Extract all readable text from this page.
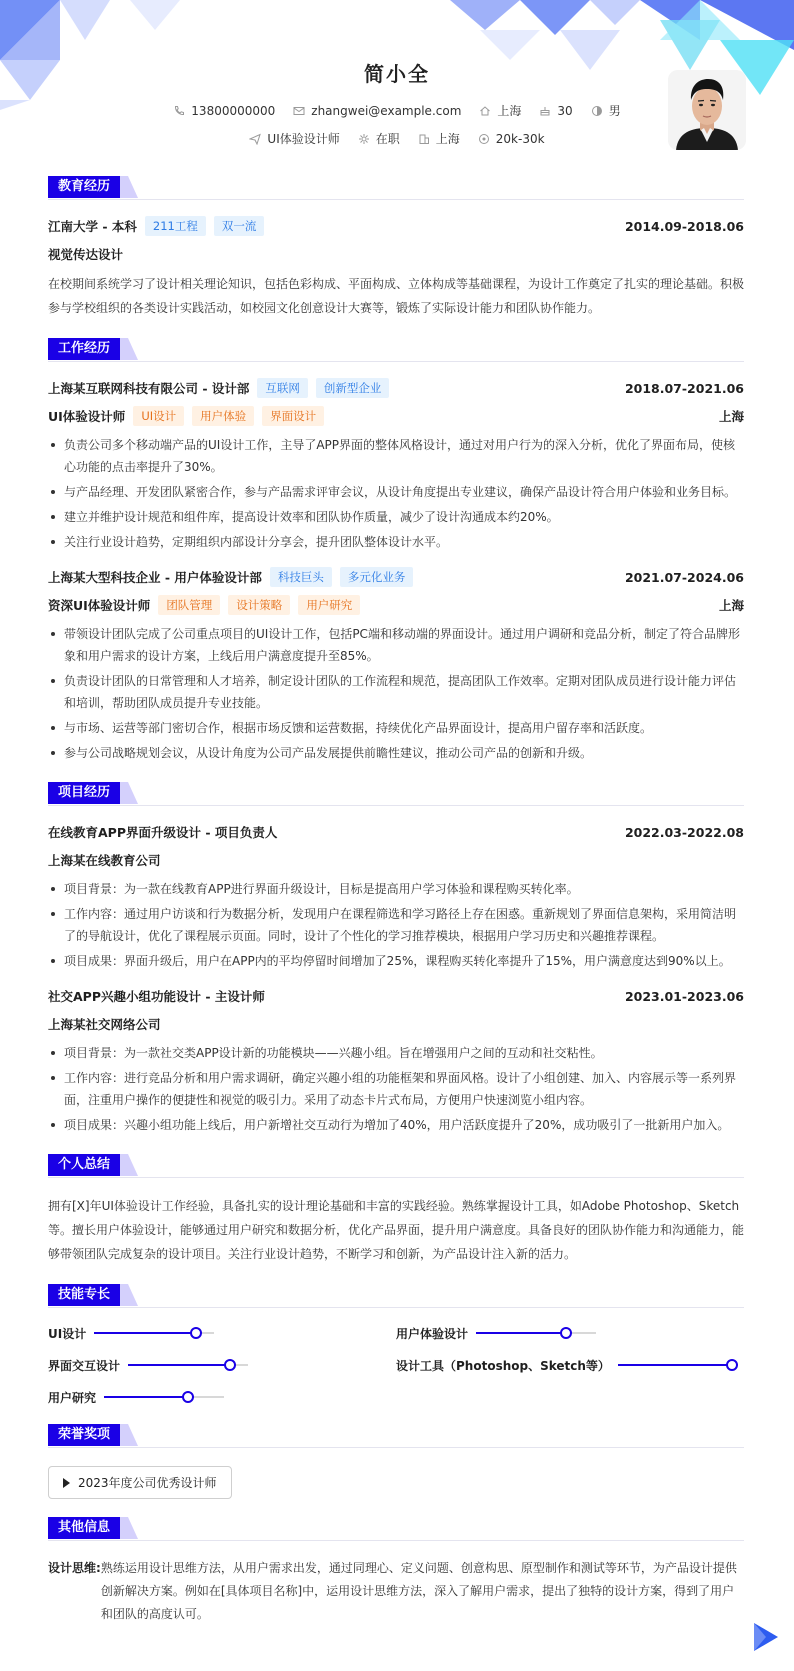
简小全
13800000000	zhangwei@example.com	上海	30	男
UI体验设计师	在职	上海	20k-30k
教育经历
江南大学 - 本科	211工程	双一流	2014.09-2018.06
视觉传达设计
在校期间系统学习了设计相关理论知识，包括色彩构成、平面构成、立体构成等基础课程，为设计工作奠定了扎实的理论基础。积极参与学校组织的各类设计实践活动，如校园文化创意设计大赛等，锻炼了实际设计能力和团队协作能力。
工作经历
上海某互联网科技有限公司 - 设计部	互联网	创新型企业	2018.07-2021.06
UI体验设计师	UI设计	用户体验	界面设计	上海
负责公司多个移动端产品的UI设计工作，主导了APP界面的整体风格设计，通过对用户行为的深入分析，优化了界面布局，使核心功能的点击率提升了30%。
与产品经理、开发团队紧密合作，参与产品需求评审会议，从设计角度提出专业建议，确保产品设计符合用户体验和业务目标。
建立并维护设计规范和组件库，提高设计效率和团队协作质量，减少了设计沟通成本约20%。
关注行业设计趋势，定期组织内部设计分享会，提升团队整体设计水平。
上海某大型科技企业 - 用户体验设计部	科技巨头	多元化业务	2021.07-2024.06
资深UI体验设计师	团队管理	设计策略	用户研究	上海
带领设计团队完成了公司重点项目的UI设计工作，包括PC端和移动端的界面设计。通过用户调研和竞品分析，制定了符合品牌形象和用户需求的设计方案，上线后用户满意度提升至85%。
负责设计团队的日常管理和人才培养，制定设计团队的工作流程和规范，提高团队工作效率。定期对团队成员进行设计能力评估和培训，帮助团队成员提升专业技能。
与市场、运营等部门密切合作，根据市场反馈和运营数据，持续优化产品界面设计，提高用户留存率和活跃度。
参与公司战略规划会议，从设计角度为公司产品发展提供前瞻性建议，推动公司产品的创新和升级。
项目经历
在线教育APP界面升级设计 - 项目负责人	2022.03-2022.08
上海某在线教育公司
项目背景：为一款在线教育APP进行界面升级设计，目标是提高用户学习体验和课程购买转化率。
工作内容：通过用户访谈和行为数据分析，发现用户在课程筛选和学习路径上存在困惑。重新规划了界面信息架构，采用简洁明了的导航设计，优化了课程展示页面。同时，设计了个性化的学习推荐模块，根据用户学习历史和兴趣推荐课程。
项目成果：界面升级后，用户在APP内的平均停留时间增加了25%，课程购买转化率提升了15%，用户满意度达到90%以上。
社交APP兴趣小组功能设计 - 主设计师	2023.01-2023.06
上海某社交网络公司
项目背景：为一款社交类APP设计新的功能模块——兴趣小组。旨在增强用户之间的互动和社交粘性。
工作内容：进行竞品分析和用户需求调研，确定兴趣小组的功能框架和界面风格。设计了小组创建、加入、内容展示等一系列界面，注重用户操作的便捷性和视觉的吸引力。采用了动态卡片式布局，方便用户快速浏览小组内容。
项目成果：兴趣小组功能上线后，用户新增社交互动行为增加了40%，用户活跃度提升了20%，成功吸引了一批新用户加入。
个人总结
拥有[X]年UI体验设计工作经验，具备扎实的设计理论基础和丰富的实践经验。熟练掌握设计工具，如Adobe Photoshop、Sketch等。擅长用户体验设计，能够通过用户研究和数据分析，优化产品界面，提升用户满意度。具备良好的团队协作能力和沟通能力，能够带领团队完成复杂的设计项目。关注行业设计趋势，不断学习和创新，为产品设计注入新的活力。
技能专长
UI设计	用户体验设计
界面交互设计	设计工具（Photoshop、Sketch等）
用户研究
荣誉奖项
2023年度公司优秀设计师
其他信息
设计思维: 熟练运用设计思维方法，从用户需求出发，通过同理心、定义问题、创意构思、原型制作和测试等环节，为产品设计提供创新解决方案。例如在[具体项目名称]中，运用设计思维方法，深入了解用户需求，提出了独特的设计方案，得到了用户和团队的高度认可。
